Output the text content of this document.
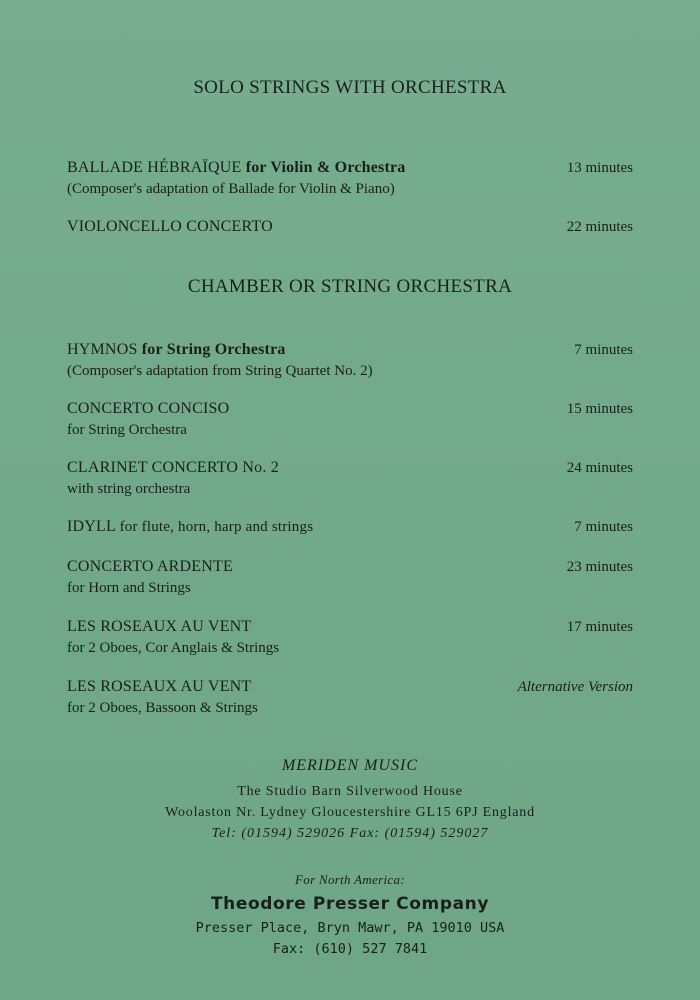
SOLO STRINGS WITH ORCHESTRA
BALLADE HÉBRAÏQUE for Violin & Orchestra	13 minutes
(Composer's adaptation of Ballade for Violin & Piano)
VIOLONCELLO CONCERTO	22 minutes
CHAMBER OR STRING ORCHESTRA
HYMNOS for String Orchestra	7 minutes
(Composer's adaptation from String Quartet No. 2)
CONCERTO CONCISO	15 minutes
for String Orchestra
CLARINET CONCERTO No. 2	24 minutes
with string orchestra
IDYLL for flute, horn, harp and strings	7 minutes
CONCERTO ARDENTE	23 minutes
for Horn and Strings
LES ROSEAUX AU VENT	17 minutes
for 2 Oboes, Cor Anglais & Strings
LES ROSEAUX AU VENT	Alternative Version
for 2 Oboes, Bassoon & Strings

MERIDEN MUSIC

The Studio Barn Silverwood House

Woolaston Nr. Lydney Gloucestershire GL15 6PJ England

Tel: (01594) 529026 Fax: (01594) 529027

For North America:

Theodore Presser Company

Presser Place, Bryn Mawr, PA 19010 USA

Fax: (610) 527 7841
